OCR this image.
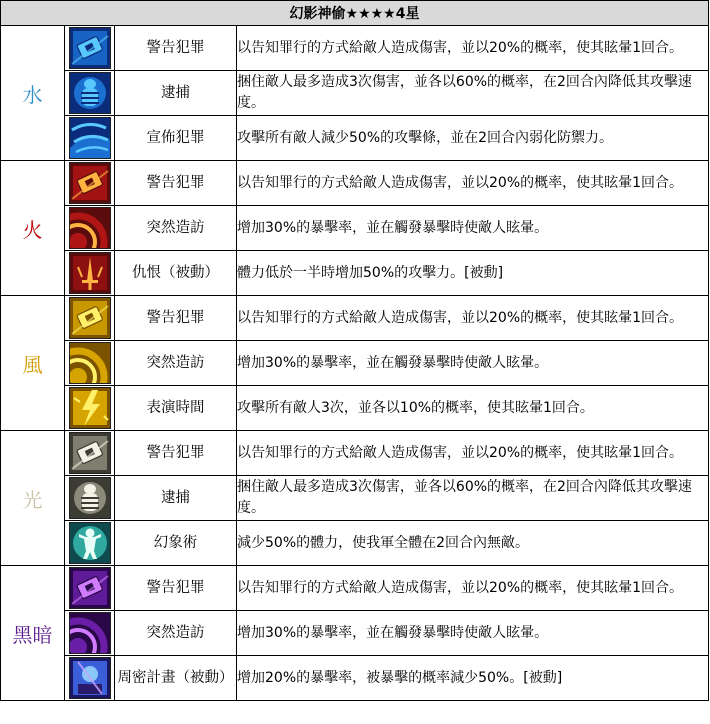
幻影神偷★★★★4星			
水		警告犯罪	以告知罪行的方式給敵人造成傷害，並以20%的概率，使其眩暈1回合。

	逮捕	捆住敵人最多造成3次傷害，並各以60%的概率，在2回合內降低其攻擊速度。

	宣佈犯罪	攻擊所有敵人減少50%的攻擊條，並在2回合內弱化防禦力。
火		警告犯罪	以告知罪行的方式給敵人造成傷害，並以20%的概率，使其眩暈1回合。

	突然造訪	增加30%的暴擊率，並在觸發暴擊時使敵人眩暈。

	仇恨（被動）	體力低於一半時增加50%的攻擊力。[被動]
風		警告犯罪	以告知罪行的方式給敵人造成傷害，並以20%的概率，使其眩暈1回合。

	突然造訪	增加30%的暴擊率，並在觸發暴擊時使敵人眩暈。

	表演時間	攻擊所有敵人3次，並各以10%的概率，使其眩暈1回合。
光		警告犯罪	以告知罪行的方式給敵人造成傷害，並以20%的概率，使其眩暈1回合。

	逮捕	捆住敵人最多造成3次傷害，並各以60%的概率，在2回合內降低其攻擊速度。

	幻象術	減少50%的體力，使我軍全體在2回合內無敵。
黑暗		警告犯罪	以告知罪行的方式給敵人造成傷害，並以20%的概率，使其眩暈1回合。

	突然造訪	增加30%的暴擊率，並在觸發暴擊時使敵人眩暈。

	周密計畫（被動）	增加20%的暴擊率，被暴擊的概率減少50%。[被動]
